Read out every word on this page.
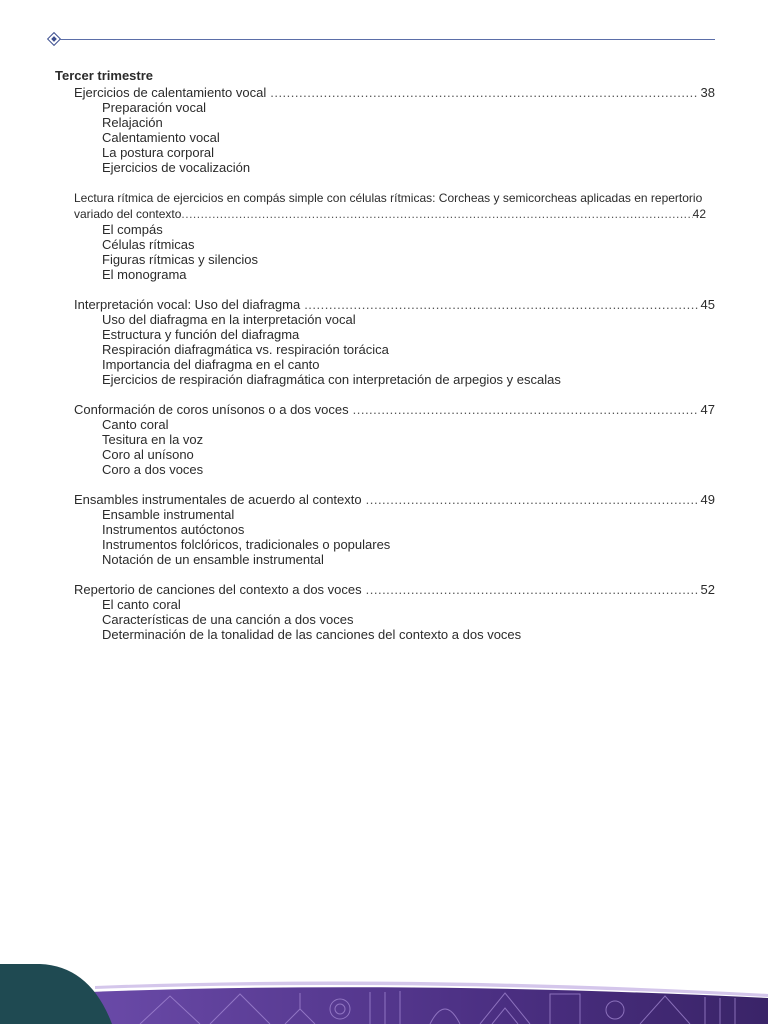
Tercer trimestre
Ejercicios de calentamiento vocal .....	38
Preparación vocal
Relajación
Calentamiento vocal
La postura corporal
Ejercicios de vocalización
Lectura rítmica de ejercicios en compás simple con células rítmicas: Corcheas y semicorcheas aplicadas en repertorio
variado del contexto .....	42
El compás
Células rítmicas
Figuras rítmicas y silencios
El monograma
Interpretación vocal: Uso del diafragma .....	45
Uso del diafragma en la interpretación vocal
Estructura y función del diafragma
Respiración diafragmática vs. respiración torácica
Importancia del diafragma en el canto
Ejercicios de respiración diafragmática con interpretación de arpegios y escalas
Conformación de coros unísonos o a dos voces .....	47
Canto coral
Tesitura en la voz
Coro al unísono
Coro a dos voces
Ensambles instrumentales de acuerdo al contexto .....	49
Ensamble instrumental
Instrumentos autóctonos
Instrumentos folclóricos, tradicionales o populares
Notación de un ensamble instrumental
Repertorio de canciones del contexto a dos voces .....	52
El canto coral
Características de una canción a dos voces
Determinación de la tonalidad de las canciones del contexto a dos voces
